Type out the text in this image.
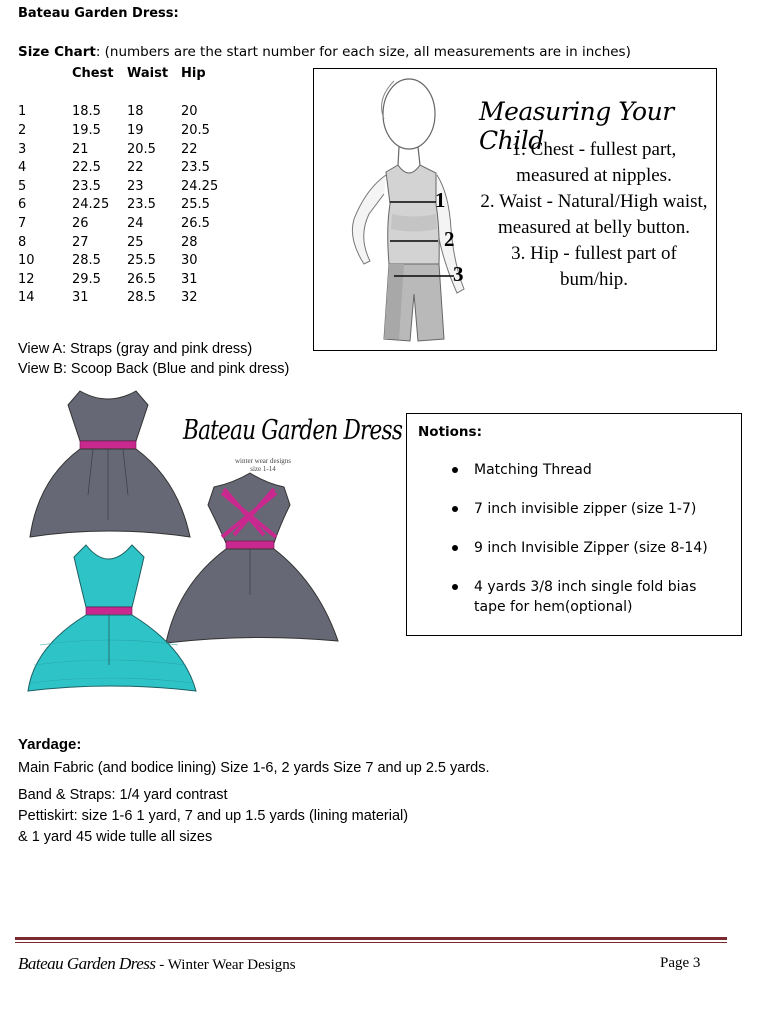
Bateau Garden Dress:
Size Chart: (numbers are the start number for each size, all measurements are in inches)
	Chest	Waist	Hip

1	18.5	18	20
2	19.5	19	20.5
3	21	20.5	22
4	22.5	22	23.5
5	23.5	23	24.25
6	24.25	23.5	25.5
7	26	24	26.5
8	27	25	28
10	28.5	25.5	30
12	29.5	26.5	31
14	31	28.5	32
1
2
3
Measuring Your Child
1. Chest - fullest part,
measured at nipples.
2. Waist - Natural/High waist,
measured at belly button.
3. Hip - fullest part of bum/hip.
View A: Straps (gray and pink dress)
View B: Scoop Back (Blue and pink dress)
Bateau Garden Dress
winter wear designs
size 1-14
Notions:
Matching Thread
7 inch invisible zipper (size 1-7)
9 inch Invisible Zipper (size 8-14)
4 yards 3/8 inch single fold bias tape for hem(optional)
Yardage:

Main Fabric (and bodice lining) Size 1-6, 2 yards Size 7 and up 2.5 yards.

Band & Straps: 1/4 yard contrast

Pettiskirt: size 1-6 1 yard, 7 and up 1.5 yards (lining material)

& 1 yard 45 wide tulle all sizes

Bateau Garden Dress - Winter Wear Designs	Page 3
